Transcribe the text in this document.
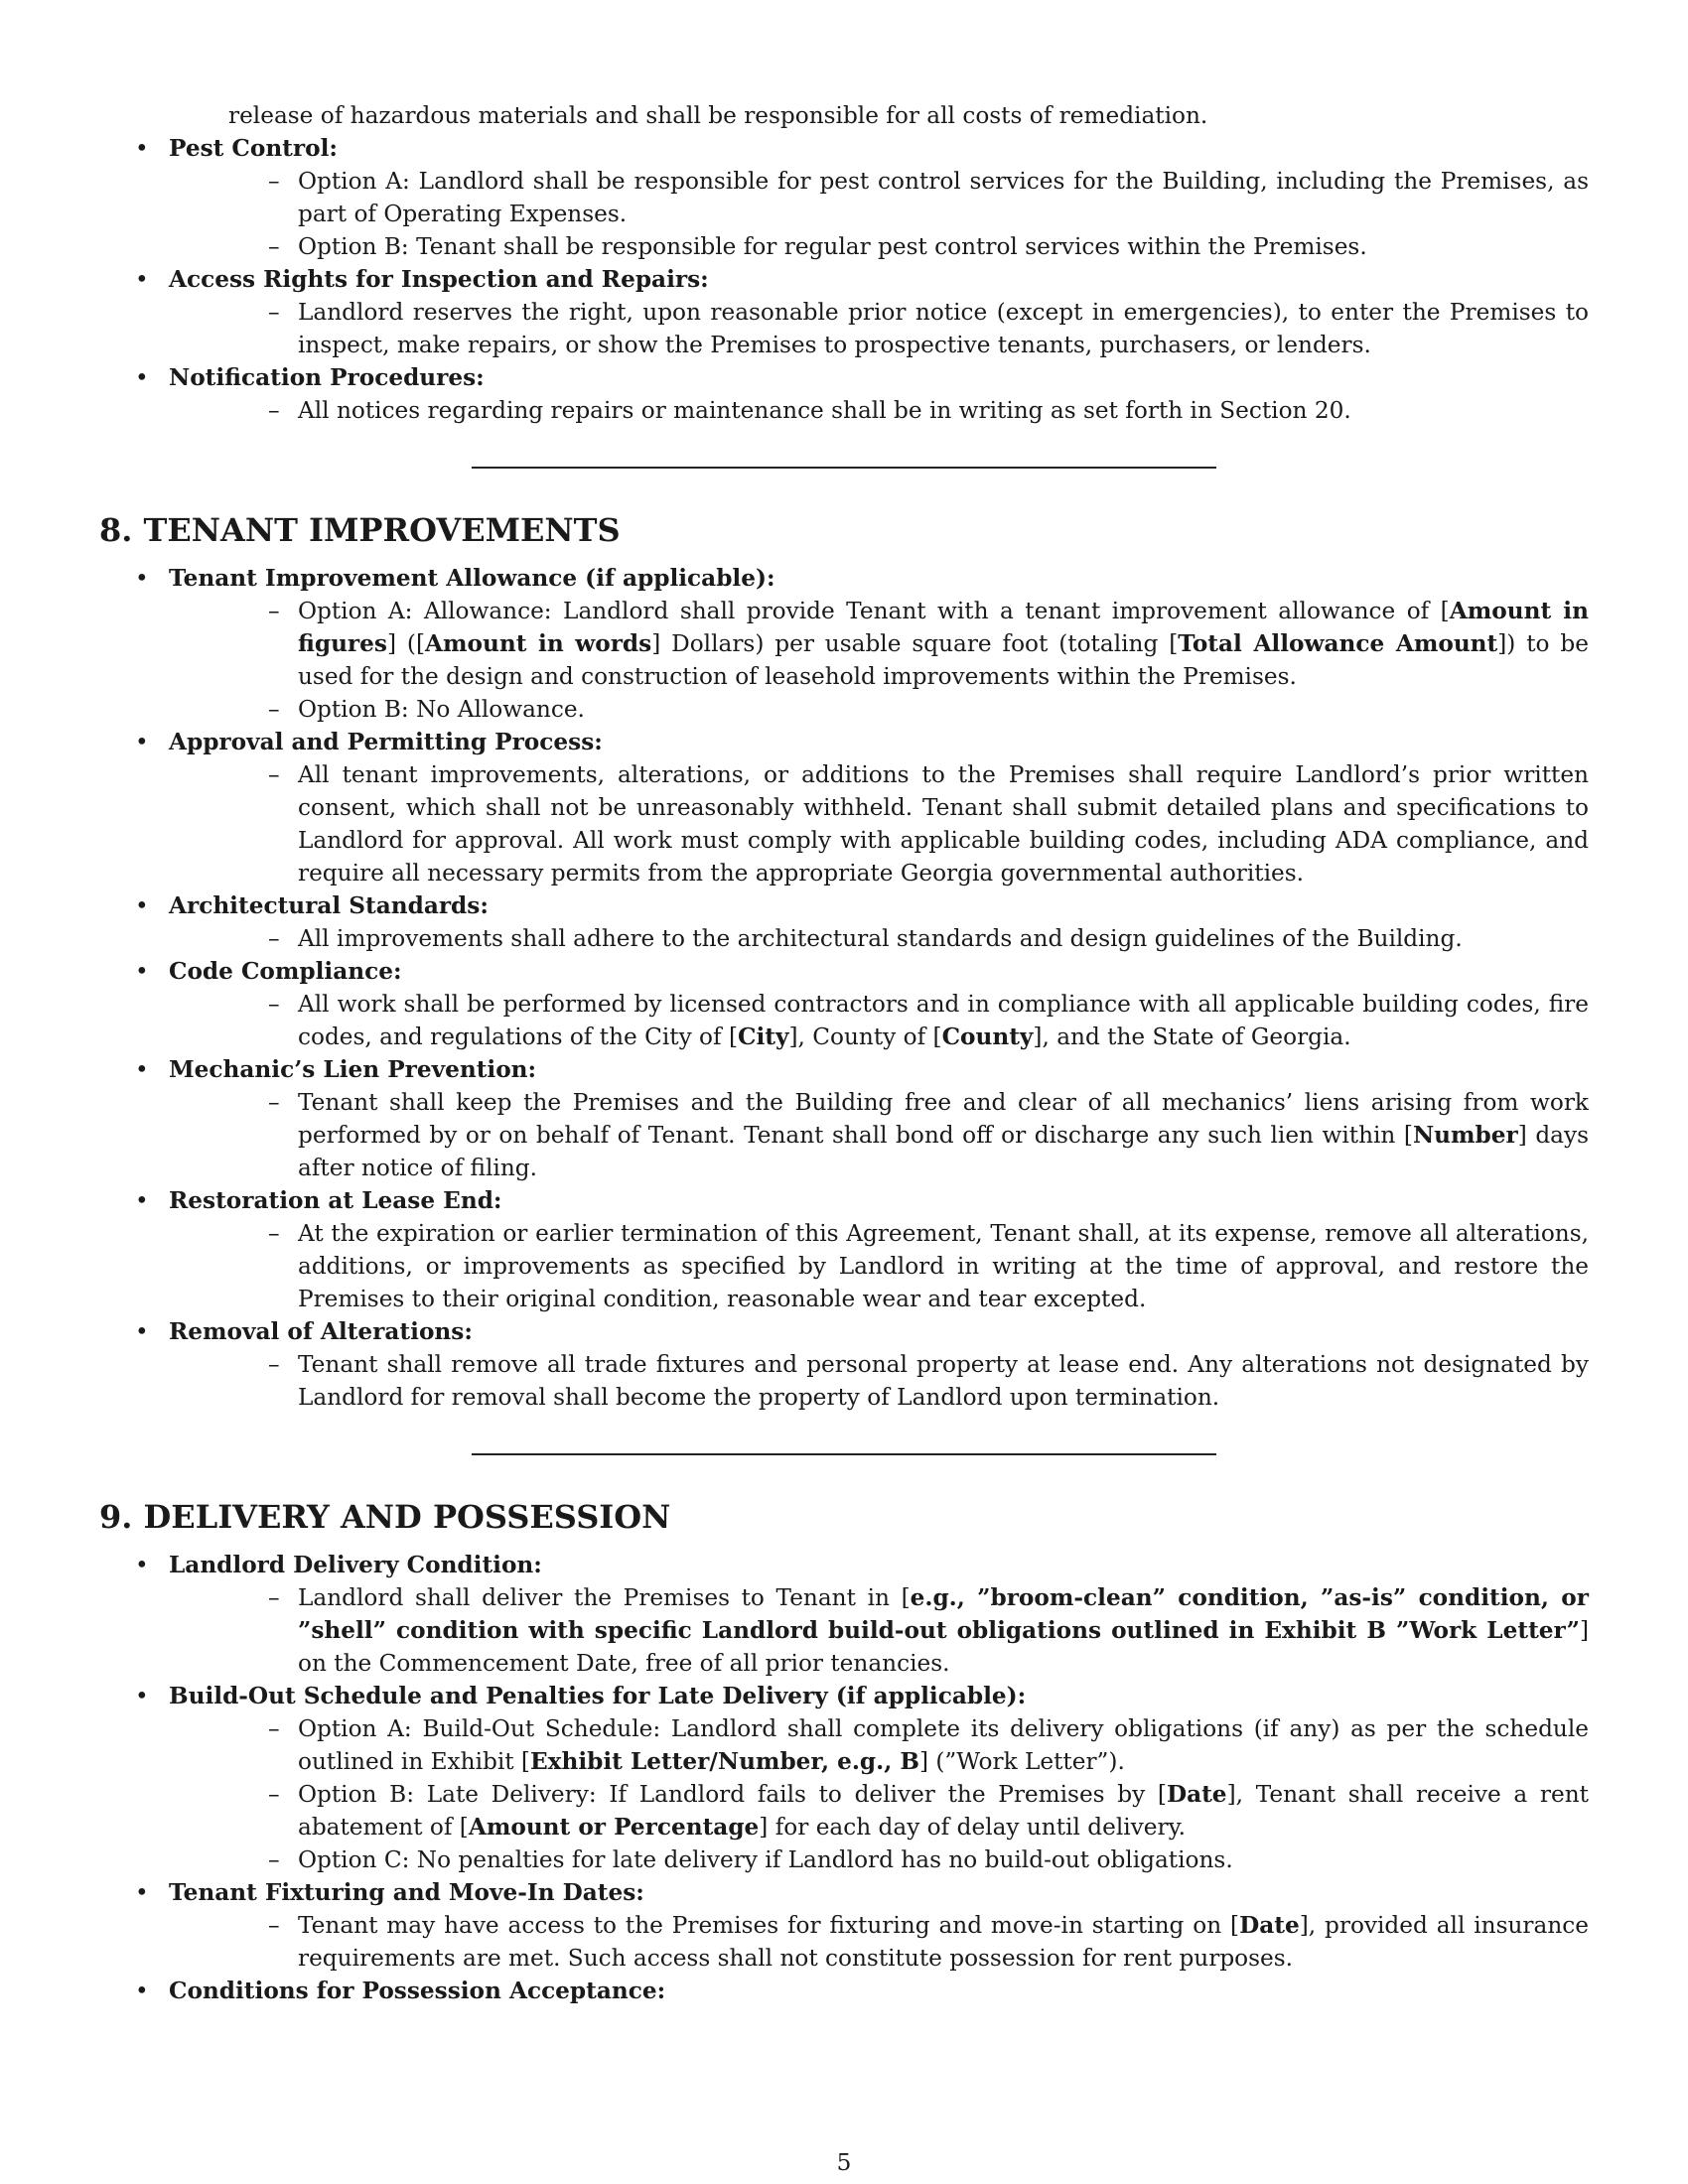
release of hazardous materials and shall be responsible for all costs of remediation.
• Pest Control:
– Option A: Landlord shall be responsible for pest control services for the Building, including the Premises, as part of Operating Expenses.
– Option B: Tenant shall be responsible for regular pest control services within the Premises.
• Access Rights for Inspection and Repairs:
– Landlord reserves the right, upon reasonable prior notice (except in emergencies), to enter the Premises to inspect, make repairs, or show the Premises to prospective tenants, purchasers, or lenders.
• Notification Procedures:
– All notices regarding repairs or maintenance shall be in writing as set forth in Section 20.
8. TENANT IMPROVEMENTS
• Tenant Improvement Allowance (if applicable):
– Option A: Allowance: Landlord shall provide Tenant with a tenant improvement allowance of [Amount in figures] ([Amount in words] Dollars) per usable square foot (totaling [Total Allowance Amount]) to be used for the design and construction of leasehold improvements within the Premises.
– Option B: No Allowance.
• Approval and Permitting Process:
– All tenant improvements, alterations, or additions to the Premises shall require Landlord’s prior written consent, which shall not be unreasonably withheld. Tenant shall submit detailed plans and specifications to Landlord for approval. All work must comply with applicable building codes, including ADA compliance, and require all necessary permits from the appropriate Georgia governmental authorities.
• Architectural Standards:
– All improvements shall adhere to the architectural standards and design guidelines of the Building.
• Code Compliance:
– All work shall be performed by licensed contractors and in compliance with all applicable building codes, fire codes, and regulations of the City of [City], County of [County], and the State of Georgia.
• Mechanic’s Lien Prevention:
– Tenant shall keep the Premises and the Building free and clear of all mechanics’ liens arising from work performed by or on behalf of Tenant. Tenant shall bond off or discharge any such lien within [Number] days after notice of filing.
• Restoration at Lease End:
– At the expiration or earlier termination of this Agreement, Tenant shall, at its expense, remove all alterations, additions, or improvements as specified by Landlord in writing at the time of approval, and restore the Premises to their original condition, reasonable wear and tear excepted.
• Removal of Alterations:
– Tenant shall remove all trade fixtures and personal property at lease end. Any alterations not designated by Landlord for removal shall become the property of Landlord upon termination.
9. DELIVERY AND POSSESSION
• Landlord Delivery Condition:
– Landlord shall deliver the Premises to Tenant in [e.g., ”broom-clean” condition, ”as-is” condition, or ”shell” condition with specific Landlord build-out obligations outlined in Exhibit B ”Work Letter”] on the Commencement Date, free of all prior tenancies.
• Build-Out Schedule and Penalties for Late Delivery (if applicable):
– Option A: Build-Out Schedule: Landlord shall complete its delivery obligations (if any) as per the schedule outlined in Exhibit [Exhibit Letter/Number, e.g., B] (”Work Letter”).
– Option B: Late Delivery: If Landlord fails to deliver the Premises by [Date], Tenant shall receive a rent abatement of [Amount or Percentage] for each day of delay until delivery.
– Option C: No penalties for late delivery if Landlord has no build-out obligations.
• Tenant Fixturing and Move-In Dates:
– Tenant may have access to the Premises for fixturing and move-in starting on [Date], provided all insurance requirements are met. Such access shall not constitute possession for rent purposes.
• Conditions for Possession Acceptance:
5
